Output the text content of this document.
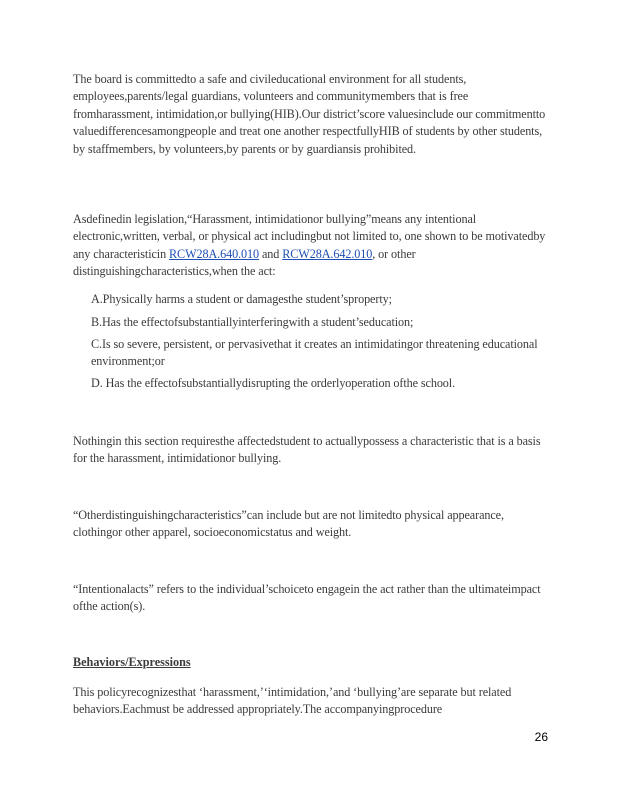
The board is committedto a safe and civileducational environment for all students, employees,parents/legal guardians, volunteers and communitymembers that is free fromharassment, intimidation,or bullying(HIB).Our district’score valuesinclude our commitmentto valuedifferencesamongpeople and treat one another respectfullyHIB of students by other students, by staffmembers, by volunteers,by parents or by guardiansis prohibited.

Asdefinedin legislation,“Harassment, intimidationor bullying”means any intentional electronic,written, verbal, or physical act includingbut not limited to, one shown to be motivatedby any characteristicin RCW28A.640.010 and RCW28A.642.010, or other distinguishingcharacteristics,when the act:

A.Physically harms a student or damagesthe student’sproperty;

B.Has the effectofsubstantiallyinterferingwith a student’seducation;

C.Is so severe, persistent, or pervasivethat it creates an intimidatingor threatening educational environment;or

D. Has the effectofsubstantiallydisrupting the orderlyoperation ofthe school.

Nothingin this section requiresthe affectedstudent to actuallypossess a characteristic that is a basis for the harassment, intimidationor bullying.

“Otherdistinguishingcharacteristics”can include but are not limitedto physical appearance, clothingor other apparel, socioeconomicstatus and weight.

“Intentionalacts” refers to the individual’schoiceto engagein the act rather than the ultimateimpact ofthe action(s).

Behaviors/Expressions

This policyrecognizesthat ‘harassment,’‘intimidation,’and ‘bullying’are separate but related behaviors.Eachmust be addressed appropriately.The accompanyingprocedure

26
